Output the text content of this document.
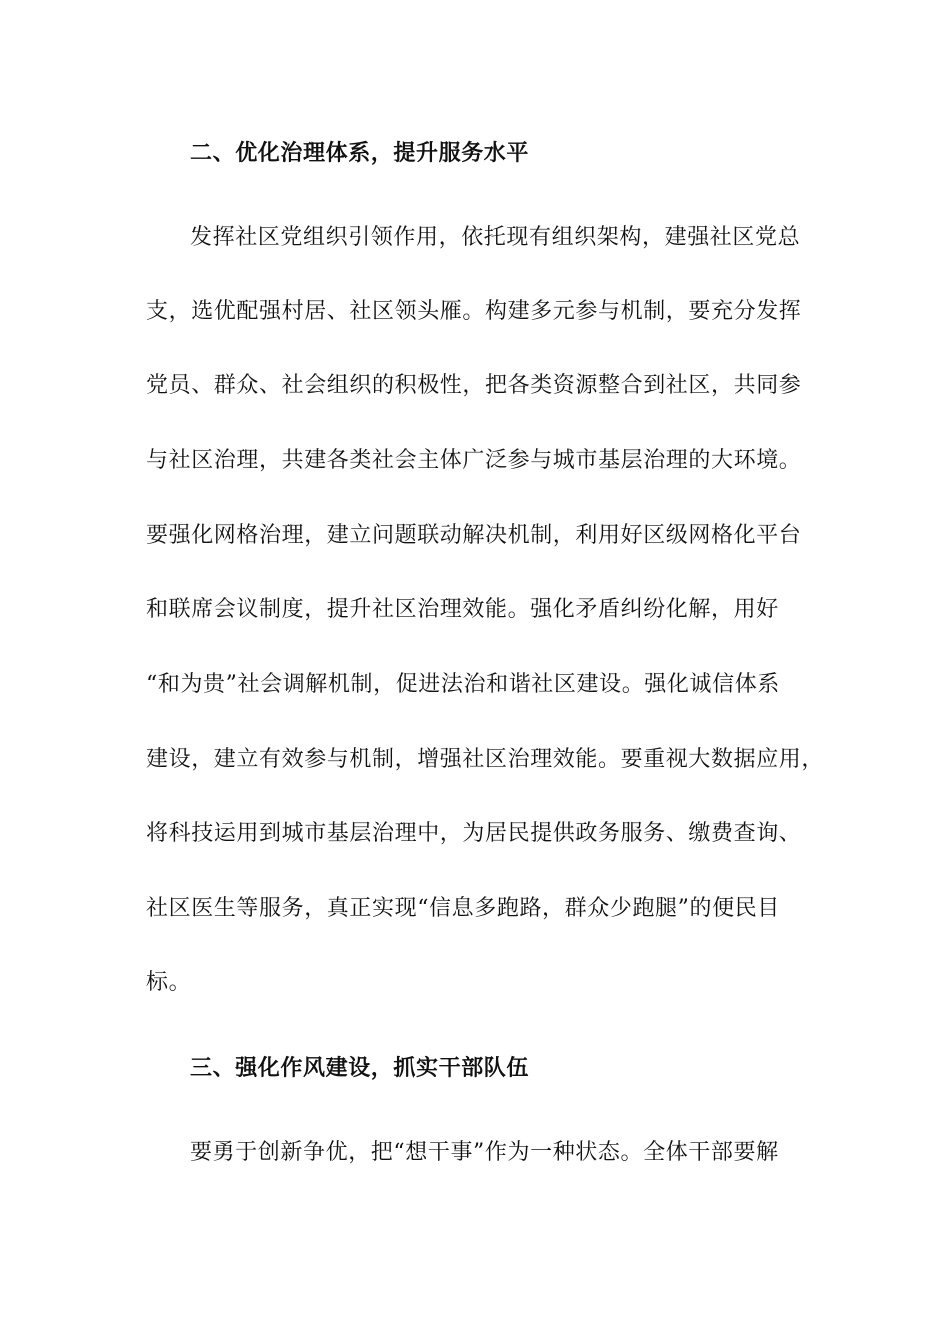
二、优化治理体系，提升服务水平
发挥社区党组织引领作用，依托现有组织架构，建强社区党总
支，选优配强村居、社区领头雁。构建多元参与机制，要充分发挥
党员、群众、社会组织的积极性，把各类资源整合到社区，共同参
与社区治理，共建各类社会主体广泛参与城市基层治理的大环境。
要强化网格治理，建立问题联动解决机制，利用好区级网格化平台
和联席会议制度，提升社区治理效能。强化矛盾纠纷化解，用好
“和为贵”社会调解机制，促进法治和谐社区建设。强化诚信体系
建设，建立有效参与机制，增强社区治理效能。要重视大数据应用，
将科技运用到城市基层治理中，为居民提供政务服务、缴费查询、
社区医生等服务，真正实现“信息多跑路，群众少跑腿”的便民目
标。
三、强化作风建设，抓实干部队伍
要勇于创新争优，把“想干事”作为一种状态。全体干部要解
